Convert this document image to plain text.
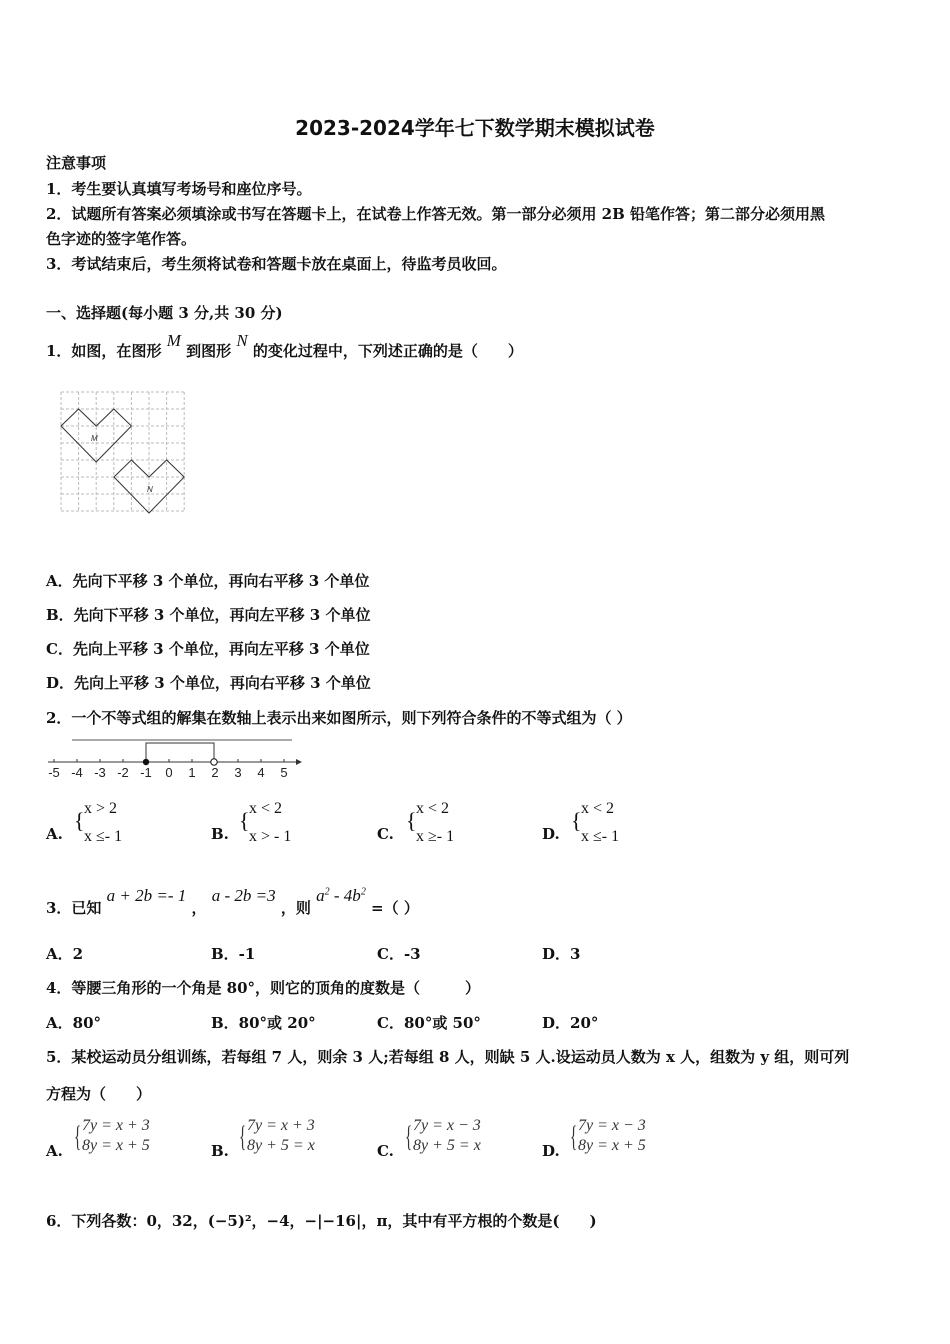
2023-2024学年七下数学期末模拟试卷
注意事项
1．考生要认真填写考场号和座位序号。
2．试题所有答案必须填涂或书写在答题卡上，在试卷上作答无效。第一部分必须用 2B 铅笔作答；第二部分必须用黑
色字迹的签字笔作答。
3．考试结束后，考生须将试卷和答题卡放在桌面上，待监考员收回。
一、选择题(每小题 3 分,共 30 分)
1．如图，在图形 M 到图形 N 的变化过程中，下列述正确的是（　　）
M
N
A．先向下平移 3 个单位，再向右平移 3 个单位
B．先向下平移 3 个单位，再向左平移 3 个单位
C．先向上平移 3 个单位，再向左平移 3 个单位
D．先向上平移 3 个单位，再向右平移 3 个单位
2．一个不等式组的解集在数轴上表示出来如图所示，则下列符合条件的不等式组为（ ）
-5 -4 -3 -2 -1 0 1 2 3 4 5
A.
{ x > 2
x ≤- 1	B.
{ x < 2
x > - 1	C.
{ x < 2
x ≥- 1	D.
{ x < 2
x ≤- 1
3．已知 a + 2b =- 1 ， a - 2b =3 ，则 $a^2 - 4b^2$ =（ ）
A．2	B．-1	C．-3	D．3
4．等腰三角形的一个角是 80°，则它的顶角的度数是（　　　）
A．80°	B．80°或 20°	C．80°或 50°	D．20°
5．某校运动员分组训练，若每组 7 人，则余 3 人;若每组 8 人，则缺 5 人.设运动员人数为 x 人，组数为 y 组，则可列
方程为（　　）
A. { 7y = x + 3
8y = x + 5	B. { 7y = x + 3
8y + 5 = x	C. { 7y = x − 3
8y + 5 = x	D. { 7y = x − 3
8y = x + 5
6．下列各数：0，32，(−5)²，−4，−|−16|，π，其中有平方根的个数是(　　)
